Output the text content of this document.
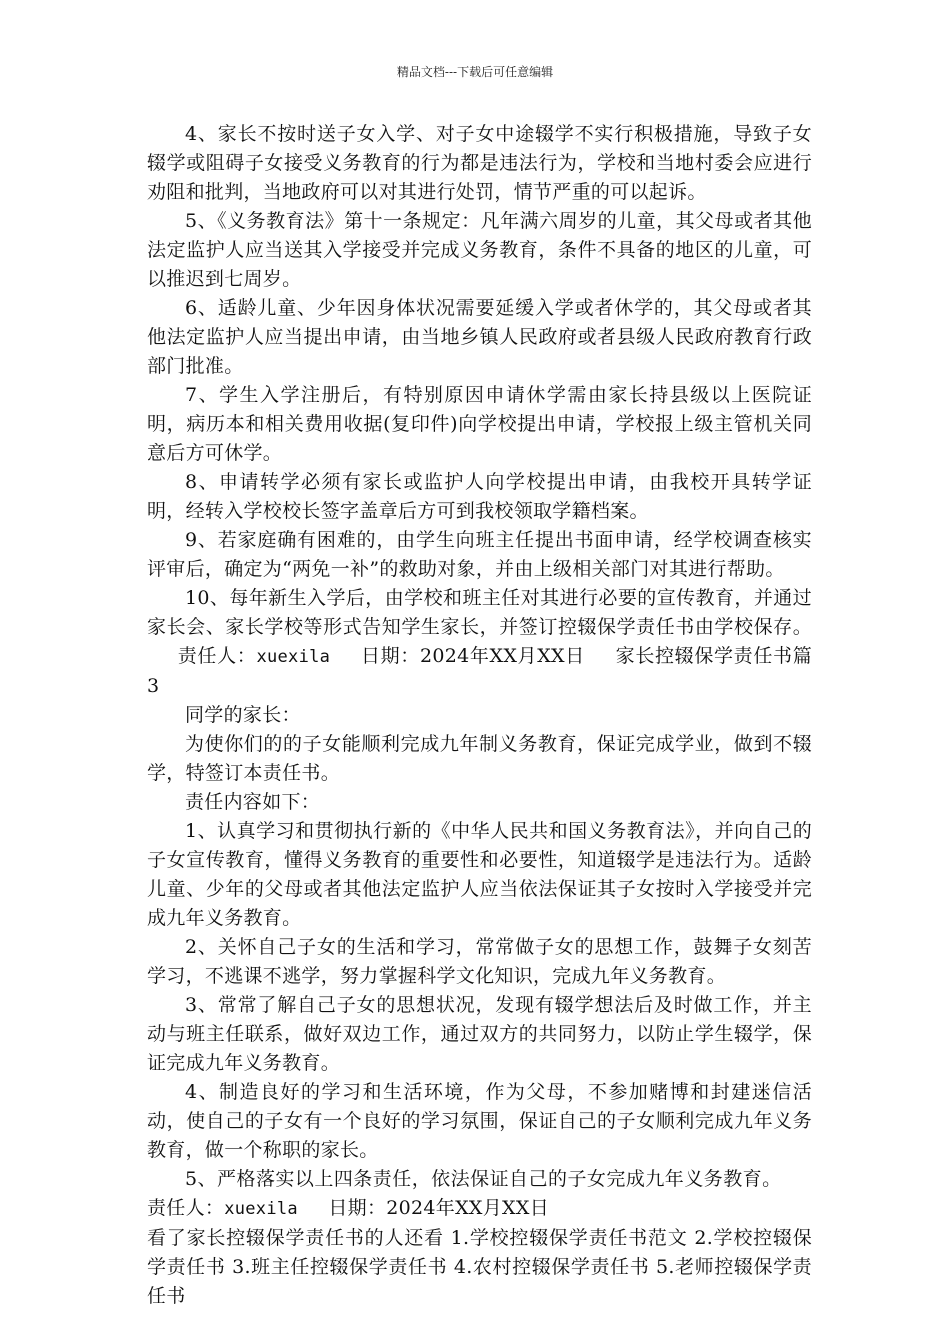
精品文档---下载后可任意编辑

4、家长不按时送子女入学、对子女中途辍学不实行积极措施，导致子女辍学或阻碍子女接受义务教育的行为都是违法行为，学校和当地村委会应进行劝阻和批判，当地政府可以对其进行处罚，情节严重的可以起诉。

5、《义务教育法》第十一条规定：凡年满六周岁的儿童，其父母或者其他法定监护人应当送其入学接受并完成义务教育，条件不具备的地区的儿童，可以推迟到七周岁。

6、适龄儿童、少年因身体状况需要延缓入学或者休学的，其父母或者其他法定监护人应当提出申请，由当地乡镇人民政府或者县级人民政府教育行政部门批准。

7、学生入学注册后，有特别原因申请休学需由家长持县级以上医院证明，病历本和相关费用收据(复印件)向学校提出申请，学校报上级主管机关同意后方可休学。

8、申请转学必须有家长或监护人向学校提出申请，由我校开具转学证明，经转入学校校长签字盖章后方可到我校领取学籍档案。

9、若家庭确有困难的，由学生向班主任提出书面申请，经学校调查核实评审后，确定为“两免一补”的救助对象，并由上级相关部门对其进行帮助。

10、每年新生入学后，由学校和班主任对其进行必要的宣传教育，并通过家长会、家长学校等形式告知学生家长，并签订控辍保学责任书由学校保存。责任人：xuexila 日期：2024年XX月XX日 家长控辍保学责任书篇3

同学的家长：

为使你们的的子女能顺利完成九年制义务教育，保证完成学业，做到不辍学，特签订本责任书。

责任内容如下：

1、认真学习和贯彻执行新的《中华人民共和国义务教育法》，并向自己的子女宣传教育，懂得义务教育的重要性和必要性，知道辍学是违法行为。适龄儿童、少年的父母或者其他法定监护人应当依法保证其子女按时入学接受并完成九年义务教育。

2、关怀自己子女的生活和学习，常常做子女的思想工作，鼓舞子女刻苦学习，不逃课不逃学，努力掌握科学文化知识，完成九年义务教育。

3、常常了解自己子女的思想状况，发现有辍学想法后及时做工作，并主动与班主任联系，做好双边工作，通过双方的共同努力，以防止学生辍学，保证完成九年义务教育。

4、制造良好的学习和生活环境，作为父母，不参加赌博和封建迷信活动，使自己的子女有一个良好的学习氛围，保证自己的子女顺利完成九年义务教育，做一个称职的家长。

5、严格落实以上四条责任，依法保证自己的子女完成九年义务教育。责任人：xuexila 日期：2024年XX月XX日

看了家长控辍保学责任书的人还看 1.学校控辍保学责任书范文 2.学校控辍保学责任书 3.班主任控辍保学责任书 4.农村控辍保学责任书 5.老师控辍保学责任书
